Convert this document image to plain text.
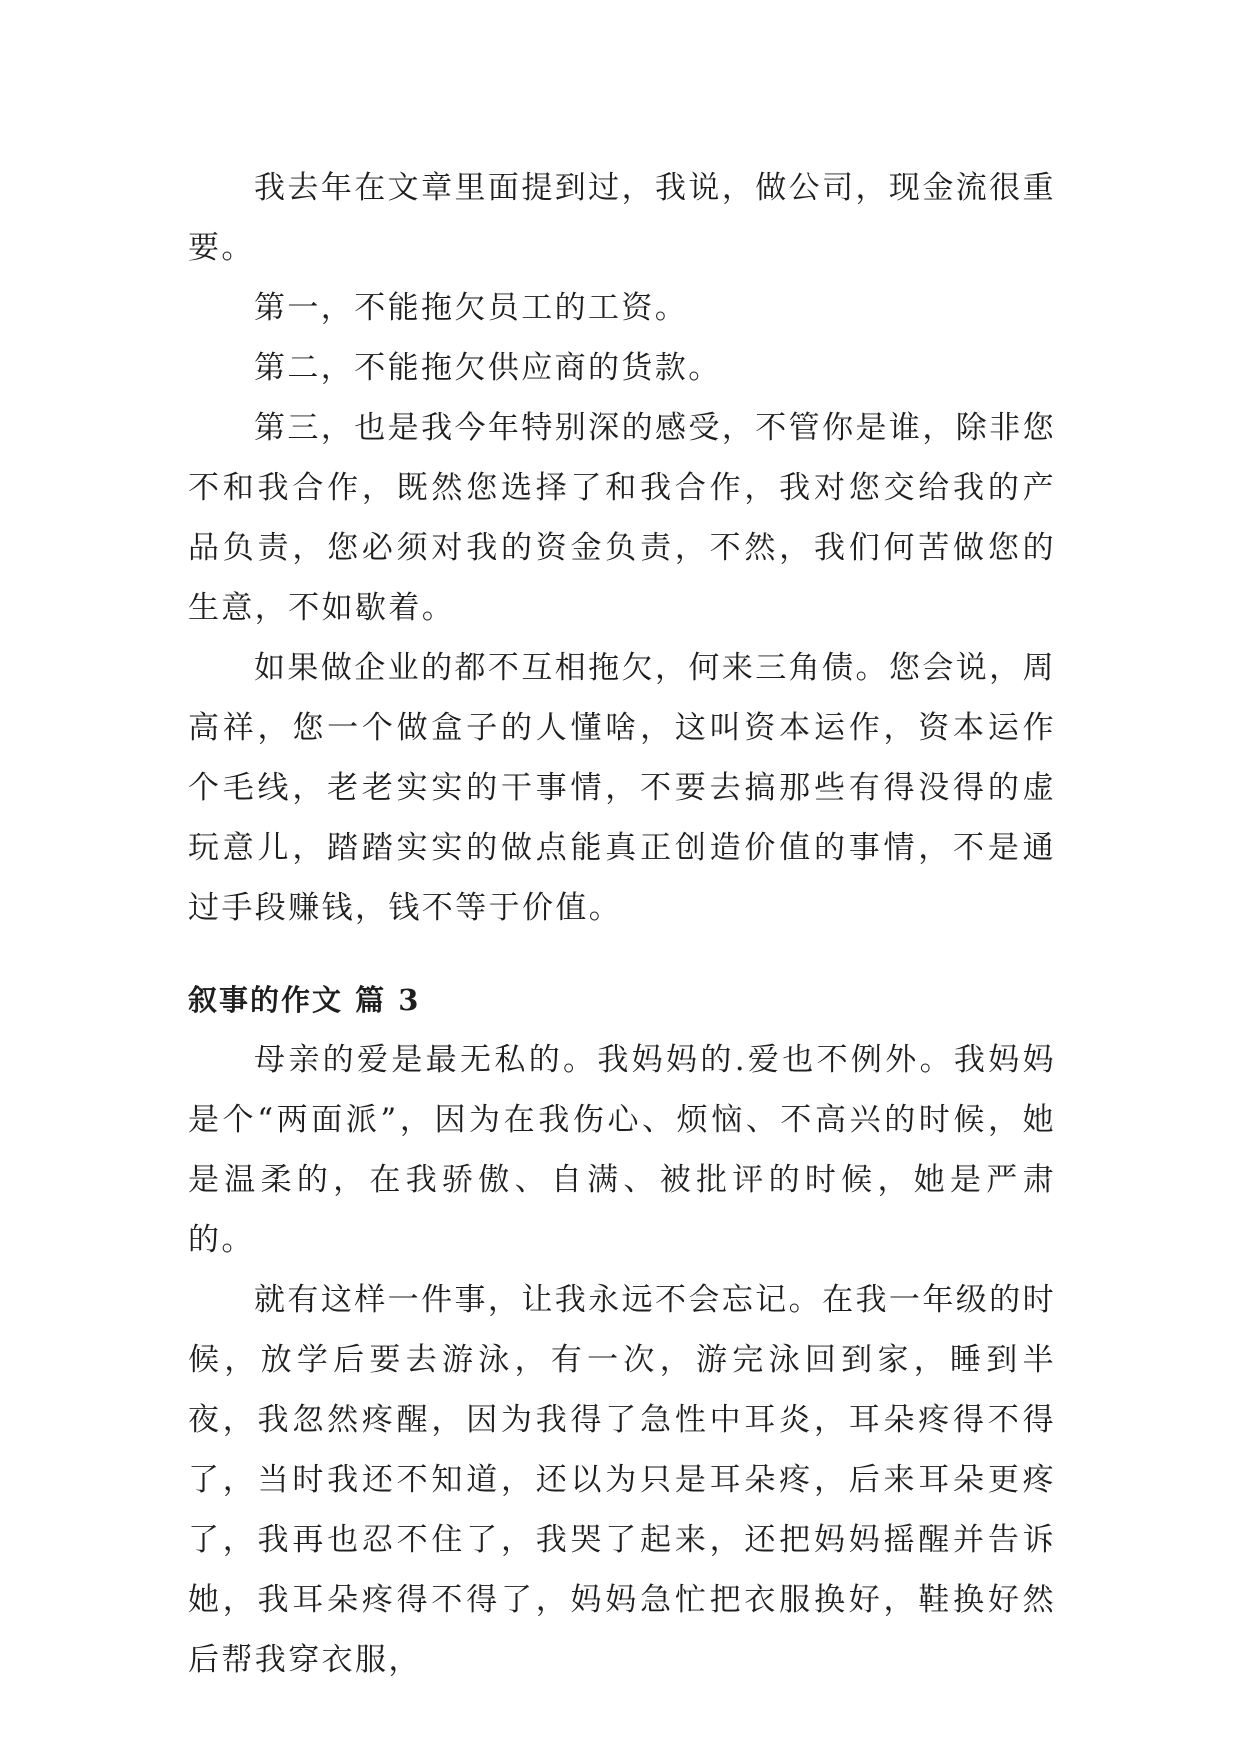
我去年在文章里面提到过，我说，做公司，现金流很重要。

第一，不能拖欠员工的工资。

第二，不能拖欠供应商的货款。

第三，也是我今年特别深的感受，不管你是谁，除非您不和我合作，既然您选择了和我合作，我对您交给我的产品负责，您必须对我的资金负责，不然，我们何苦做您的生意，不如歇着。

如果做企业的都不互相拖欠，何来三角债。您会说，周高祥，您一个做盒子的人懂啥，这叫资本运作，资本运作个毛线，老老实实的干事情，不要去搞那些有得没得的虚玩意儿，踏踏实实的做点能真正创造价值的事情，不是通过手段赚钱，钱不等于价值。

叙事的作文 篇 3

母亲的爱是最无私的。我妈妈的.爱也不例外。我妈妈是个“两面派”，因为在我伤心、烦恼、不高兴的时候，她是温柔的，在我骄傲、自满、被批评的时候，她是严肃的。

就有这样一件事，让我永远不会忘记。在我一年级的时候，放学后要去游泳，有一次，游完泳回到家，睡到半夜，我忽然疼醒，因为我得了急性中耳炎，耳朵疼得不得了，当时我还不知道，还以为只是耳朵疼，后来耳朵更疼了，我再也忍不住了，我哭了起来，还把妈妈摇醒并告诉她，我耳朵疼得不得了，妈妈急忙把衣服换好，鞋换好然后帮我穿衣服，
